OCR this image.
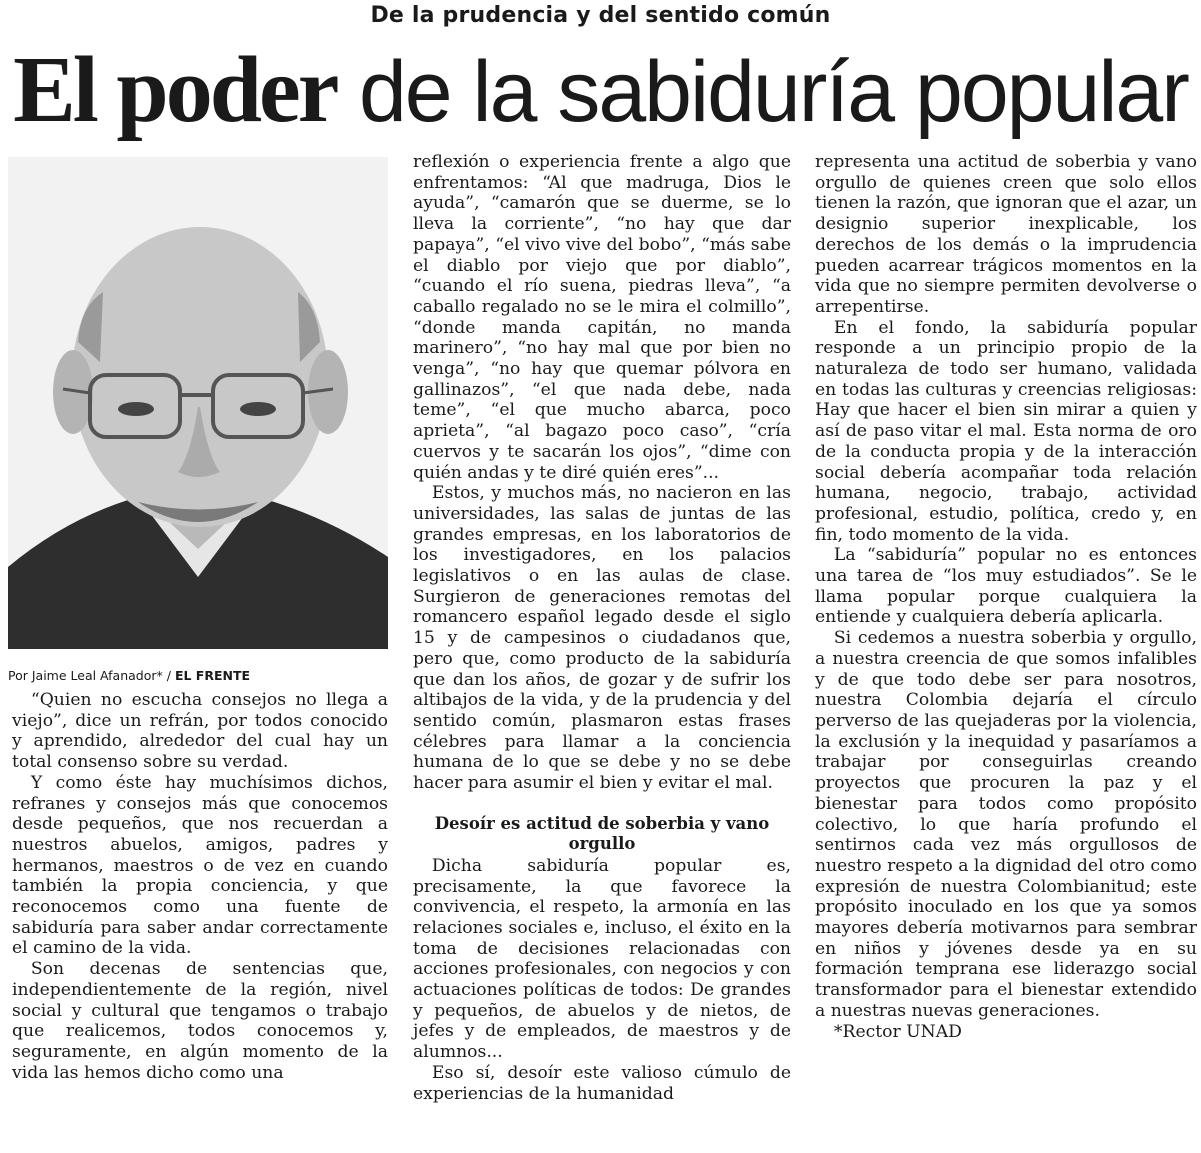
De la prudencia y del sentido común
El poder de la sabiduría popular
Por Jaime Leal Afanador* / EL FRENTE

“Quien no escucha consejos no llega a viejo”, dice un refrán, por todos conocido y aprendido, alrededor del cual hay un total consenso sobre su verdad.

Y como éste hay muchísimos dichos, refranes y consejos más que conocemos desde pequeños, que nos recuerdan a nuestros abuelos, amigos, padres y hermanos, maestros o de vez en cuando también la propia conciencia, y que reconocemos como una fuente de sabiduría para saber andar correctamente el camino de la vida.

Son decenas de sentencias que, independientemente de la región, nivel social y cultural que tengamos o trabajo que realicemos, todos conocemos y, seguramente, en algún momento de la vida las hemos dicho como una

reflexión o experiencia frente a algo que enfrentamos: “Al que madruga, Dios le ayuda”, “camarón que se duerme, se lo lleva la corriente”, “no hay que dar papaya”, “el vivo vive del bobo”, “más sabe el diablo por viejo que por diablo”, “cuando el río suena, piedras lleva”, “a caballo regalado no se le mira el colmillo”, “donde manda capitán, no manda marinero”, “no hay mal que por bien no venga”, “no hay que quemar pólvora en gallinazos”, “el que nada debe, nada teme”, “el que mucho abarca, poco aprieta”, “al bagazo poco caso”, “cría cuervos y te sacarán los ojos”, “dime con quién andas y te diré quién eres”...

Estos, y muchos más, no nacieron en las universidades, las salas de juntas de las grandes empresas, en los laboratorios de los investigadores, en los palacios legislativos o en las aulas de clase. Surgieron de generaciones remotas del romancero español legado desde el siglo 15 y de campesinos o ciudadanos que, pero que, como producto de la sabiduría que dan los años, de gozar y de sufrir los altibajos de la vida, y de la prudencia y del sentido común, plasmaron estas frases célebres para llamar a la conciencia humana de lo que se debe y no se debe hacer para asumir el bien y evitar el mal.

Desoír es actitud de soberbia y vano orgullo

Dicha sabiduría popular es, precisamente, la que favorece la convivencia, el respeto, la armonía en las relaciones sociales e, incluso, el éxito en la toma de decisiones relacionadas con acciones profesionales, con negocios y con actuaciones políticas de todos: De grandes y pequeños, de abuelos y de nietos, de jefes y de empleados, de maestros y de alumnos...

Eso sí, desoír este valioso cúmulo de experiencias de la humanidad

representa una actitud de soberbia y vano orgullo de quienes creen que solo ellos tienen la razón, que ignoran que el azar, un designio superior inexplicable, los derechos de los demás o la imprudencia pueden acarrear trágicos momentos en la vida que no siempre permiten devolverse o arrepentirse.

En el fondo, la sabiduría popular responde a un principio propio de la naturaleza de todo ser humano, validada en todas las culturas y creencias religiosas: Hay que hacer el bien sin mirar a quien y así de paso vitar el mal. Esta norma de oro de la conducta propia y de la interacción social debería acompañar toda relación humana, negocio, trabajo, actividad profesional, estudio, política, credo y, en fin, todo momento de la vida.

La “sabiduría” popular no es entonces una tarea de “los muy estudiados”. Se le llama popular porque cualquiera la entiende y cualquiera debería aplicarla.

Si cedemos a nuestra soberbia y orgullo, a nuestra creencia de que somos infalibles y de que todo debe ser para nosotros, nuestra Colombia dejaría el círculo perverso de las quejaderas por la violencia, la exclusión y la inequidad y pasaríamos a trabajar por conseguirlas creando proyectos que procuren la paz y el bienestar para todos como propósito colectivo, lo que haría profundo el sentirnos cada vez más orgullosos de nuestro respeto a la dignidad del otro como expresión de nuestra Colombianitud; este propósito inoculado en los que ya somos mayores debería motivarnos para sembrar en niños y jóvenes desde ya en su formación temprana ese liderazgo social transformador para el bienestar extendido a nuestras nuevas generaciones.

*Rector UNAD
